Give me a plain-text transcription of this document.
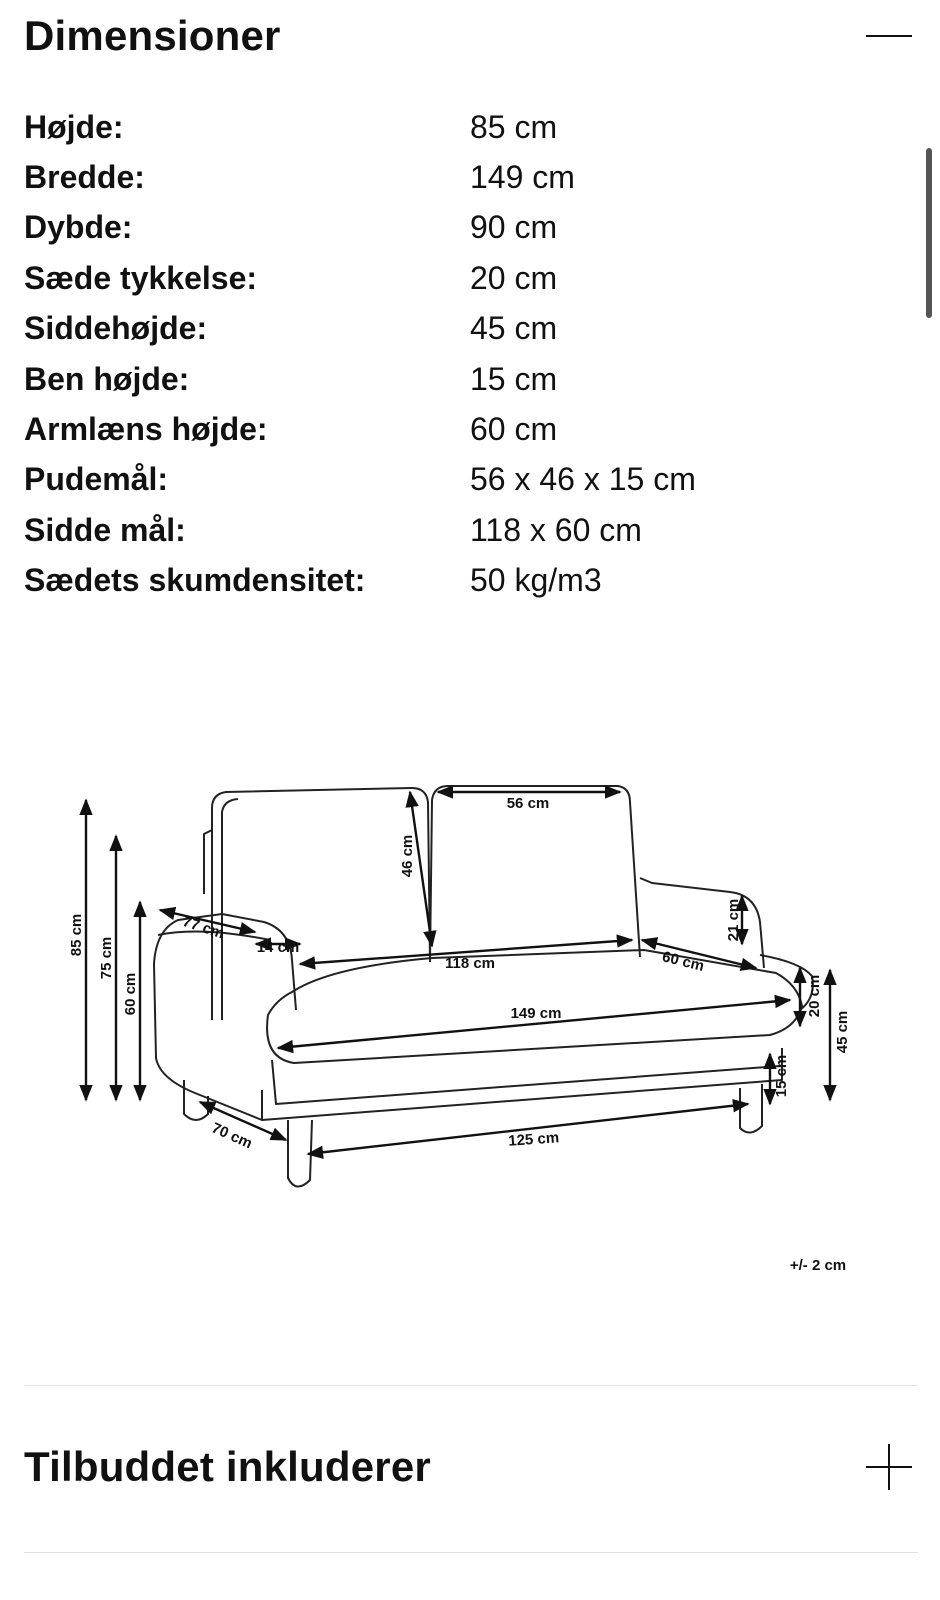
Dimensioner
Højde:	85 cm
Bredde:	149 cm
Dybde:	90 cm
Sæde tykkelse:	20 cm
Siddehøjde:	45 cm
Ben højde:	15 cm
Armlæns højde:	60 cm
Pudemål:	56 x 46 x 15 cm
Sidde mål:	118 x 60 cm
Sædets skumdensitet:	50 kg/m3
85 cm
75 cm
60 cm
77 cm
14 cm
46 cm
56 cm
118 cm	60 cm
21 cm
149 cm	20 cm
45 cm
15 cm
70 cm	125 cm
+/- 2 cm
Tilbuddet inkluderer
